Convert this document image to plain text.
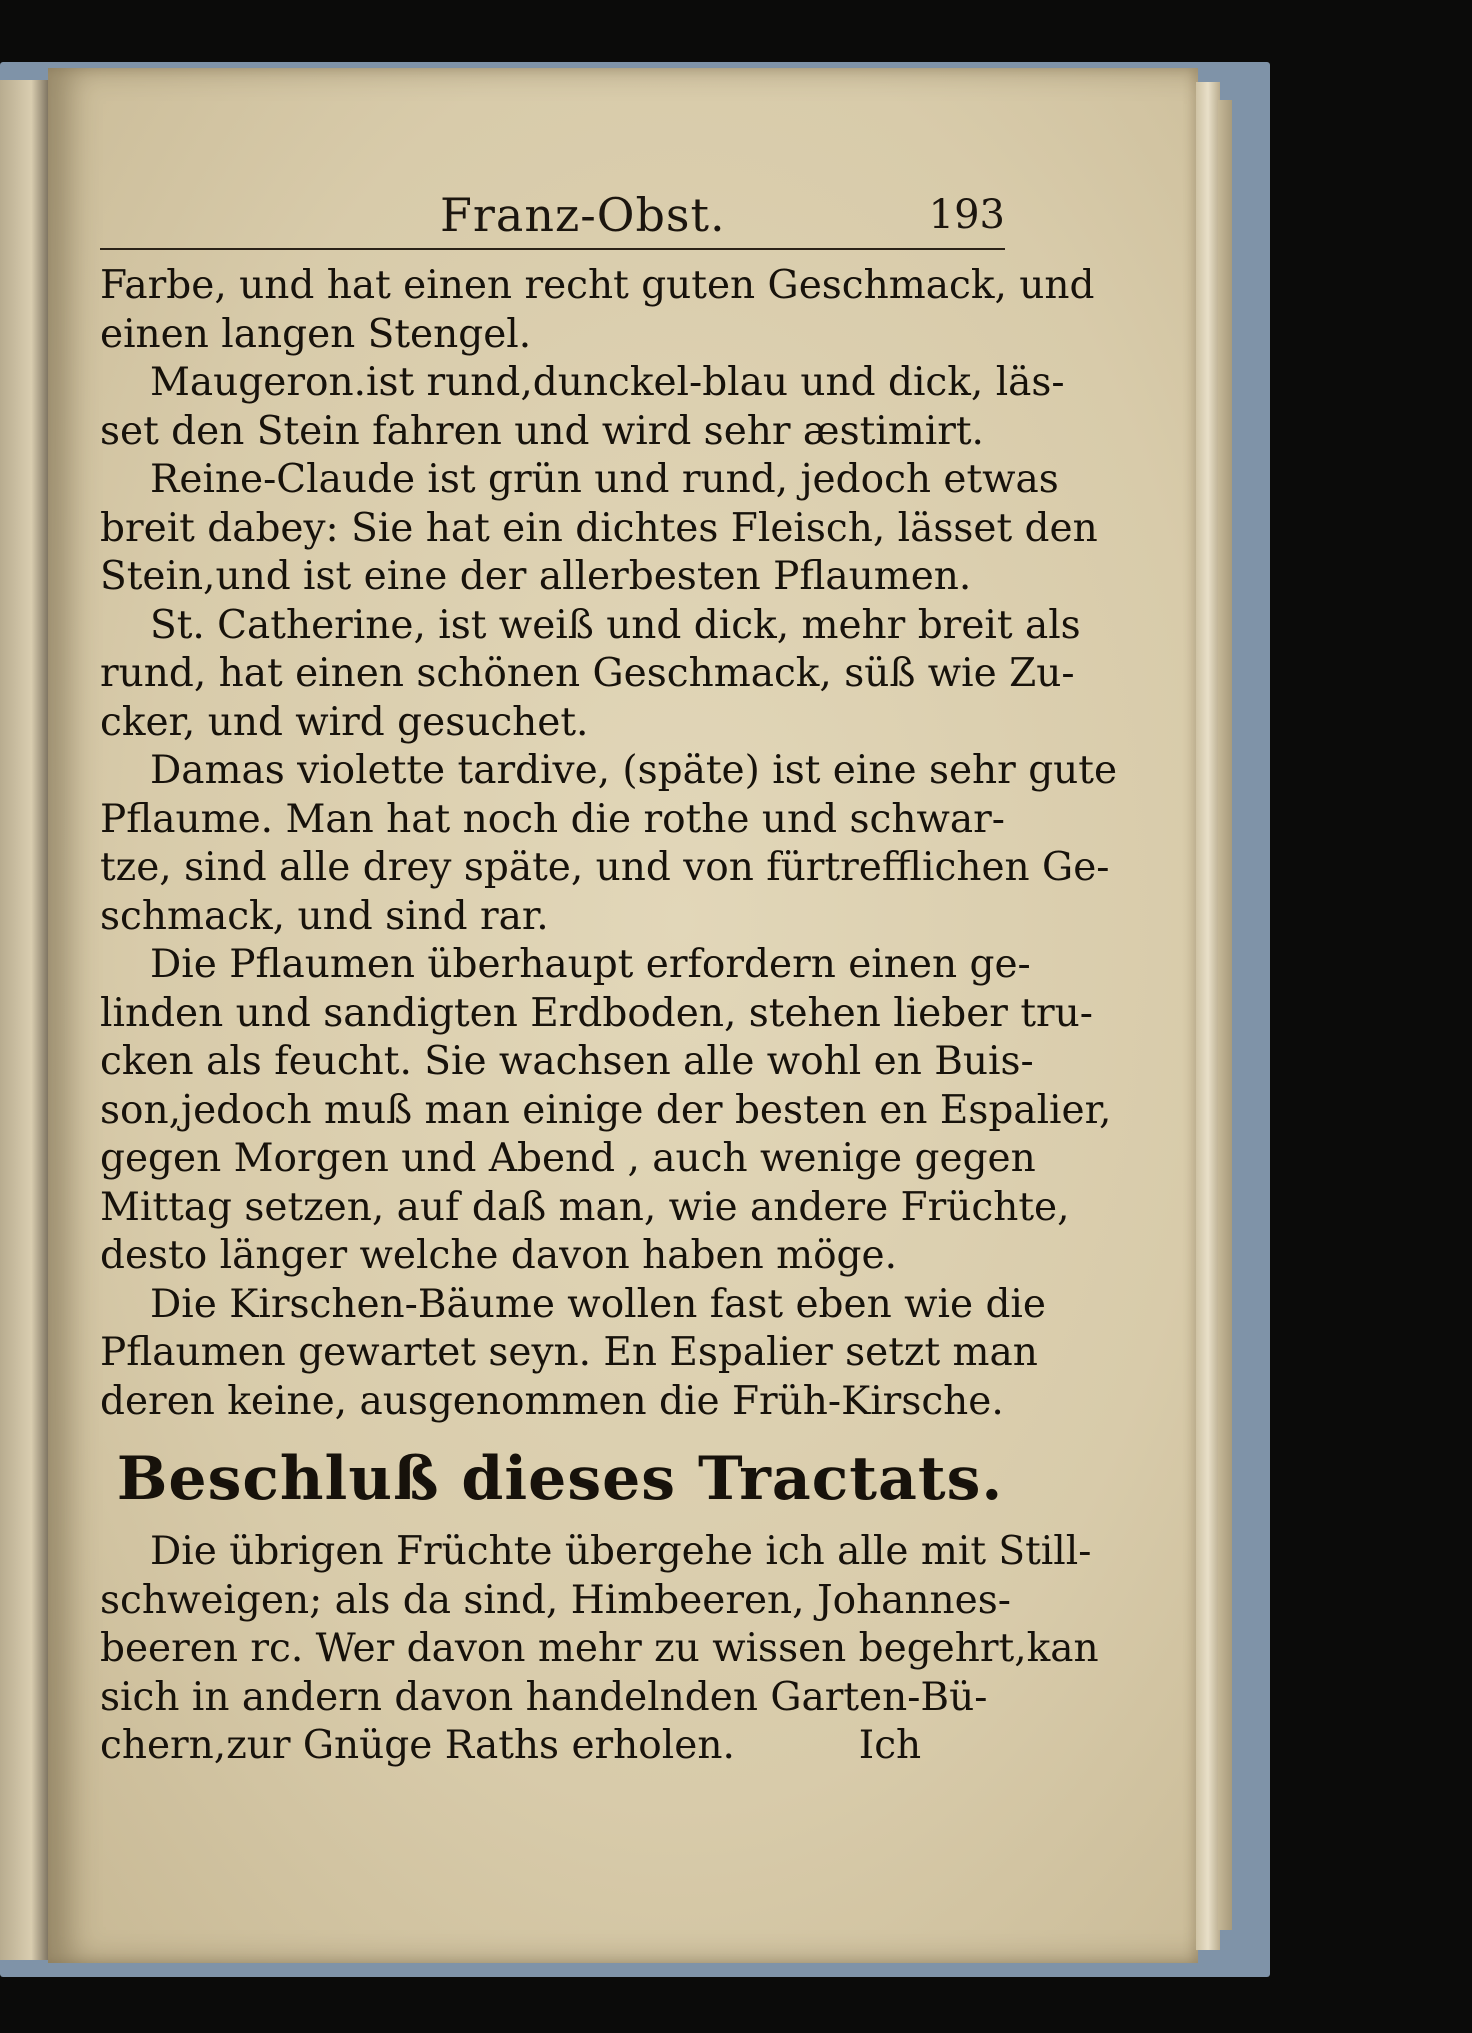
Franz-Obst.	193
Farbe, und hat einen recht guten Geschmack, und
einen langen Stengel.
Maugeron.ist rund,dunckel-blau und dick, läs-
set den Stein fahren und wird sehr æstimirt.
Reine-Claude ist grün und rund, jedoch etwas
breit dabey: Sie hat ein dichtes Fleisch, lässet den
Stein,und ist eine der allerbesten Pflaumen.
St. Catherine, ist weiß und dick, mehr breit als
rund, hat einen schönen Geschmack, süß wie Zu-
cker, und wird gesuchet.
Damas violette tardive, (späte) ist eine sehr gute
Pflaume. Man hat noch die rothe und schwar-
tze, sind alle drey späte, und von fürtrefflichen Ge-
schmack, und sind rar.
Die Pflaumen überhaupt erfordern einen ge-
linden und sandigten Erdboden, stehen lieber tru-
cken als feucht. Sie wachsen alle wohl en Buis-
son,jedoch muß man einige der besten en Espalier,
gegen Morgen und Abend , auch wenige gegen
Mittag setzen, auf daß man, wie andere Früchte,
desto länger welche davon haben möge.
Die Kirschen-Bäume wollen fast eben wie die
Pflaumen gewartet seyn. En Espalier setzt man
deren keine, ausgenommen die Früh-Kirsche.
Beschluß dieses Tractats.
Die übrigen Früchte übergehe ich alle mit Still-
schweigen; als da sind, Himbeeren, Johannes-
beeren rc. Wer davon mehr zu wissen begehrt,kan
sich in andern davon handelnden Garten-Bü-
chern,zur Gnüge Raths erholen.          Ich
